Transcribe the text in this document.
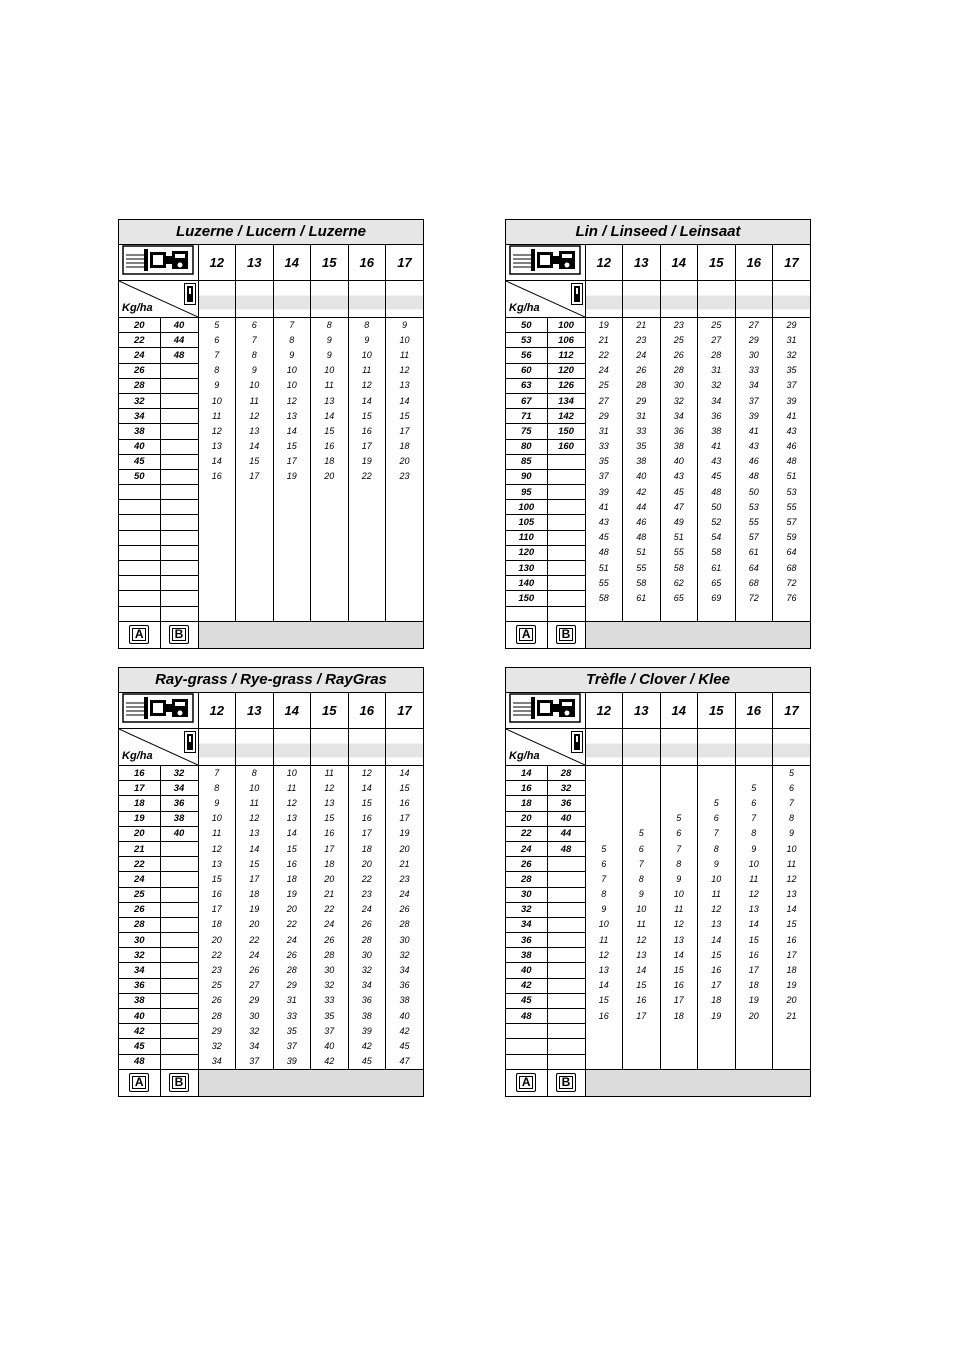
Luzerne / Lucern / Luzerne
	12	13	14	15	16	17

Kg/ha							

20	40	5	6	7	8	8	9
22	44	6	7	8	9	9	10
24	48	7	8	9	9	10	11
26		8	9	10	10	11	12
28		9	10	10	11	12	13
32		10	11	12	13	14	14
34		11	12	13	14	15	15
38		12	13	14	15	16	17
40		13	14	15	16	17	18
45		14	15	17	18	19	20
50		16	17	19	20	22	23

A	B						
Lin / Linseed / Leinsaat
	12	13	14	15	16	17

Kg/ha							

50	100	19	21	23	25	27	29
53	106	21	23	25	27	29	31
56	112	22	24	26	28	30	32
60	120	24	26	28	31	33	35
63	126	25	28	30	32	34	37
67	134	27	29	32	34	37	39
71	142	29	31	34	36	39	41
75	150	31	33	36	38	41	43
80	160	33	35	38	41	43	46
85		35	38	40	43	46	48
90		37	40	43	45	48	51
95		39	42	45	48	50	53
100		41	44	47	50	53	55
105		43	46	49	52	55	57
110		45	48	51	54	57	59
120		48	51	55	58	61	64
130		51	55	58	61	64	68
140		55	58	62	65	68	72
150		58	61	65	69	72	76

A	B						
Ray-grass / Rye-grass / RayGras
	12	13	14	15	16	17

Kg/ha							

16	32	7	8	10	11	12	14
17	34	8	10	11	12	14	15
18	36	9	11	12	13	15	16
19	38	10	12	13	15	16	17
20	40	11	13	14	16	17	19
21		12	14	15	17	18	20
22		13	15	16	18	20	21
24		15	17	18	20	22	23
25		16	18	19	21	23	24
26		17	19	20	22	24	26
28		18	20	22	24	26	28
30		20	22	24	26	28	30
32		22	24	26	28	30	32
34		23	26	28	30	32	34
36		25	27	29	32	34	36
38		26	29	31	33	36	38
40		28	30	33	35	38	40
42		29	32	35	37	39	42
45		32	34	37	40	42	45
48		34	37	39	42	45	47
A	B						
Trèfle / Clover / Klee
	12	13	14	15	16	17

Kg/ha							

14	28						5
16	32					5	6
18	36				5	6	7
20	40			5	6	7	8
22	44		5	6	7	8	9
24	48	5	6	7	8	9	10
26		6	7	8	9	10	11
28		7	8	9	10	11	12
30		8	9	10	11	12	13
32		9	10	11	12	13	14
34		10	11	12	13	14	15
36		11	12	13	14	15	16
38		12	13	14	15	16	17
40		13	14	15	16	17	18
42		14	15	16	17	18	19
45		15	16	17	18	19	20
48		16	17	18	19	20	21

A	B						
